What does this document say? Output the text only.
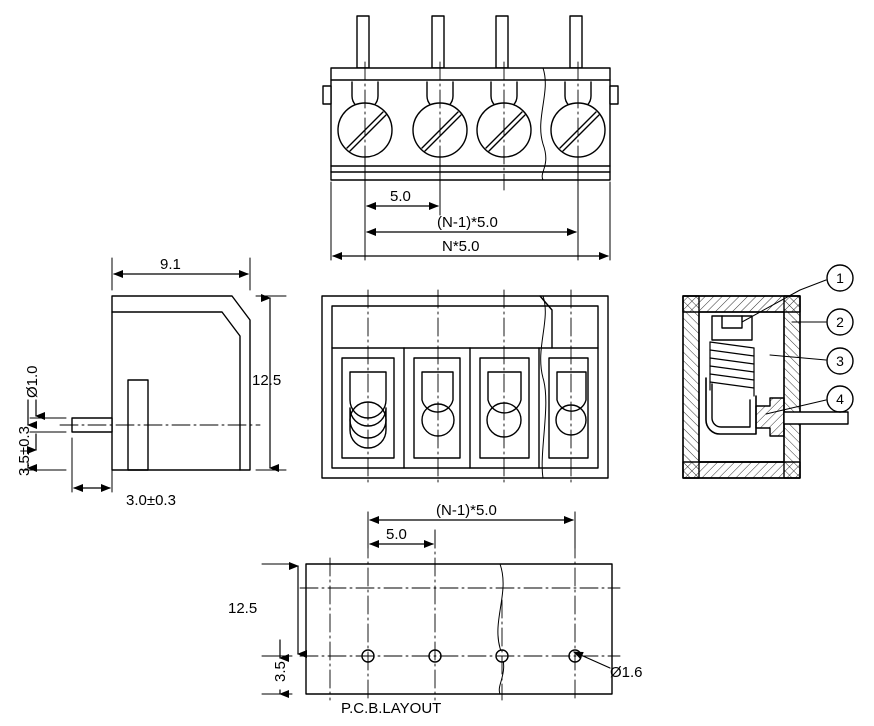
5.0
(N-1)*5.0
N*5.0
9.1
12.5
Ø1.0
3.5±0.3
3.0±0.3
(N-1)*5.0
5.0
12.5
3.5	Ø1.6
P.C.B.LAYOUT
1
2
3
4
